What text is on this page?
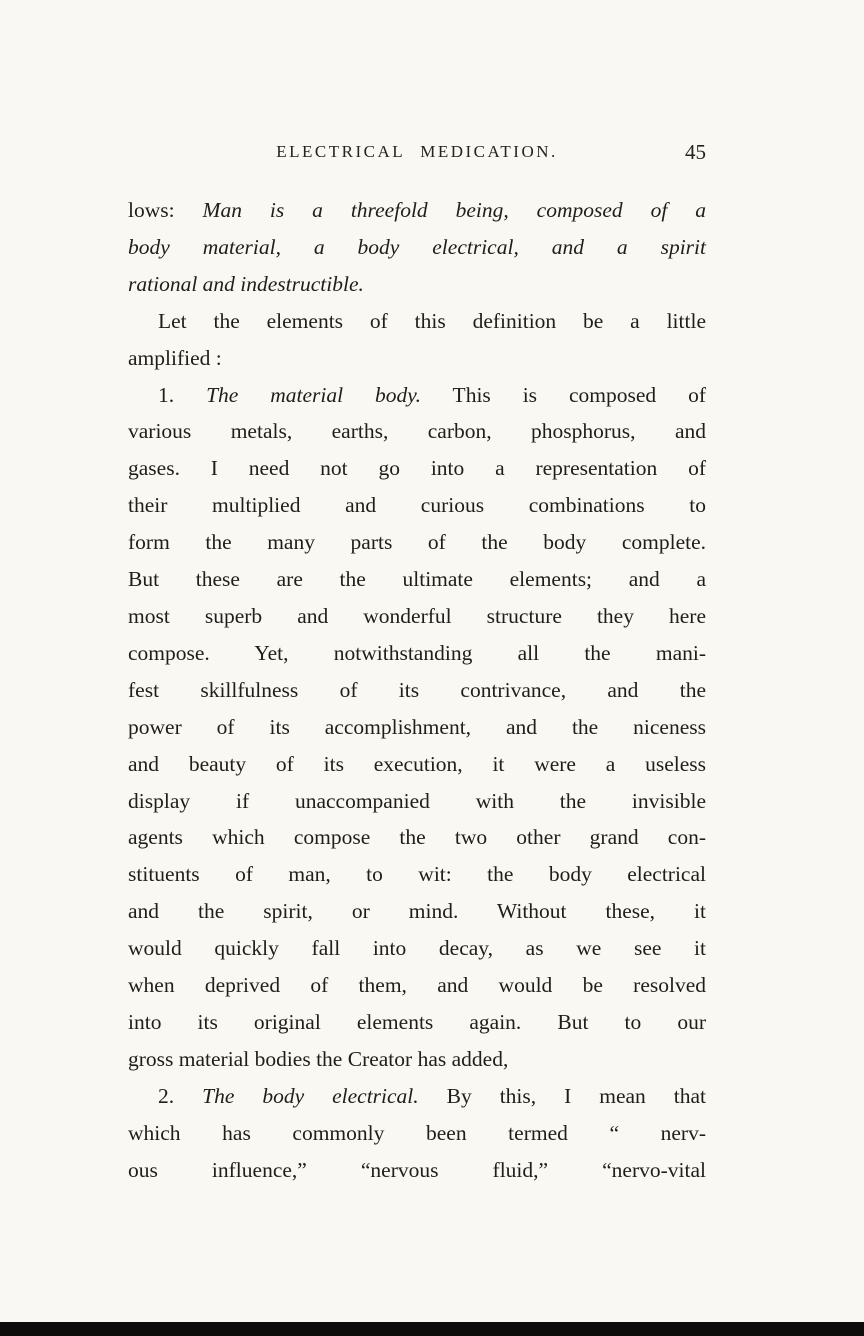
ELECTRICAL MEDICATION.	45
lows: Man is a threefold being, composed of a
body material, a body electrical, and a spirit
rational and indestructible.
Let the elements of this definition be a little
amplified :
1. The material body. This is composed of
various metals, earths, carbon, phosphorus, and
gases. I need not go into a representation of
their multiplied and curious combinations to
form the many parts of the body complete.
But these are the ultimate elements; and a
most superb and wonderful structure they here
compose. Yet, notwithstanding all the mani-
fest skillfulness of its contrivance, and the
power of its accomplishment, and the niceness
and beauty of its execution, it were a useless
display if unaccompanied with the invisible
agents which compose the two other grand con-
stituents of man, to wit: the body electrical
and the spirit, or mind. Without these, it
would quickly fall into decay, as we see it
when deprived of them, and would be resolved
into its original elements again. But to our
gross material bodies the Creator has added,
2. The body electrical. By this, I mean that
which has commonly been termed “ nerv-
ous influence,” “nervous fluid,” “nervo-vital
